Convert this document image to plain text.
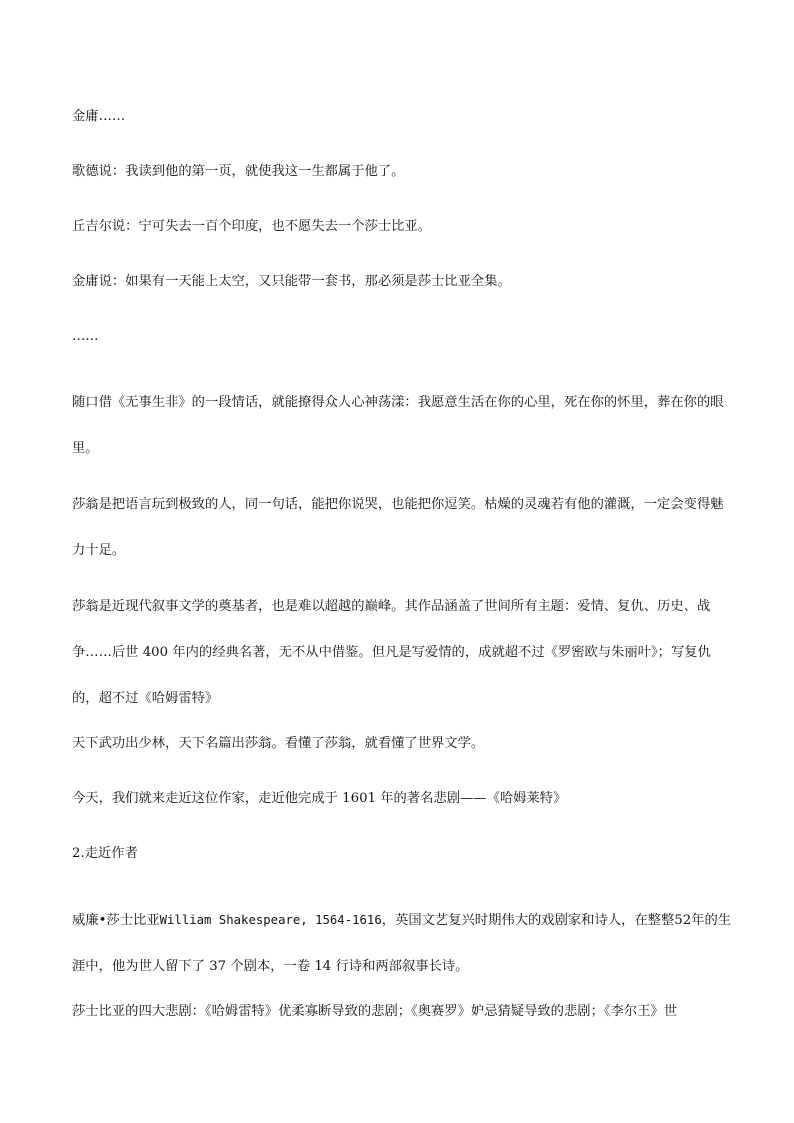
金庸……

歌德说：我读到他的第一页，就使我这一生都属于他了。

丘吉尔说：宁可失去一百个印度，也不愿失去一个莎士比亚。

金庸说：如果有一天能上太空，又只能带一套书，那必须是莎士比亚全集。

……

随口借《无事生非》的一段情话，就能撩得众人心神荡漾：我愿意生活在你的心里，死在你的怀里，葬在你的眼里。

莎翁是把语言玩到极致的人，同一句话，能把你说哭，也能把你逗笑。枯燥的灵魂若有他的灌溉，一定会变得魅力十足。

莎翁是近现代叙事文学的奠基者，也是难以超越的巅峰。其作品涵盖了世间所有主题：爱情、复仇、历史、战争……后世 400 年内的经典名著，无不从中借鉴。但凡是写爱情的，成就超不过《罗密欧与朱丽叶》；写复仇的，超不过《哈姆雷特》

天下武功出少林，天下名篇出莎翁。看懂了莎翁，就看懂了世界文学。

今天，我们就来走近这位作家，走近他完成于 1601 年的著名悲剧——《哈姆莱特》

2.走近作者

威廉•莎士比亚William Shakespeare, 1564-1616，英国文艺复兴时期伟大的戏剧家和诗人，在整整52年的生涯中，他为世人留下了 37 个剧本，一卷 14 行诗和两部叙事长诗。

莎士比亚的四大悲剧：《哈姆雷特》优柔寡断导致的悲剧；《奥赛罗》妒忌猜疑导致的悲剧；《李尔王》世
